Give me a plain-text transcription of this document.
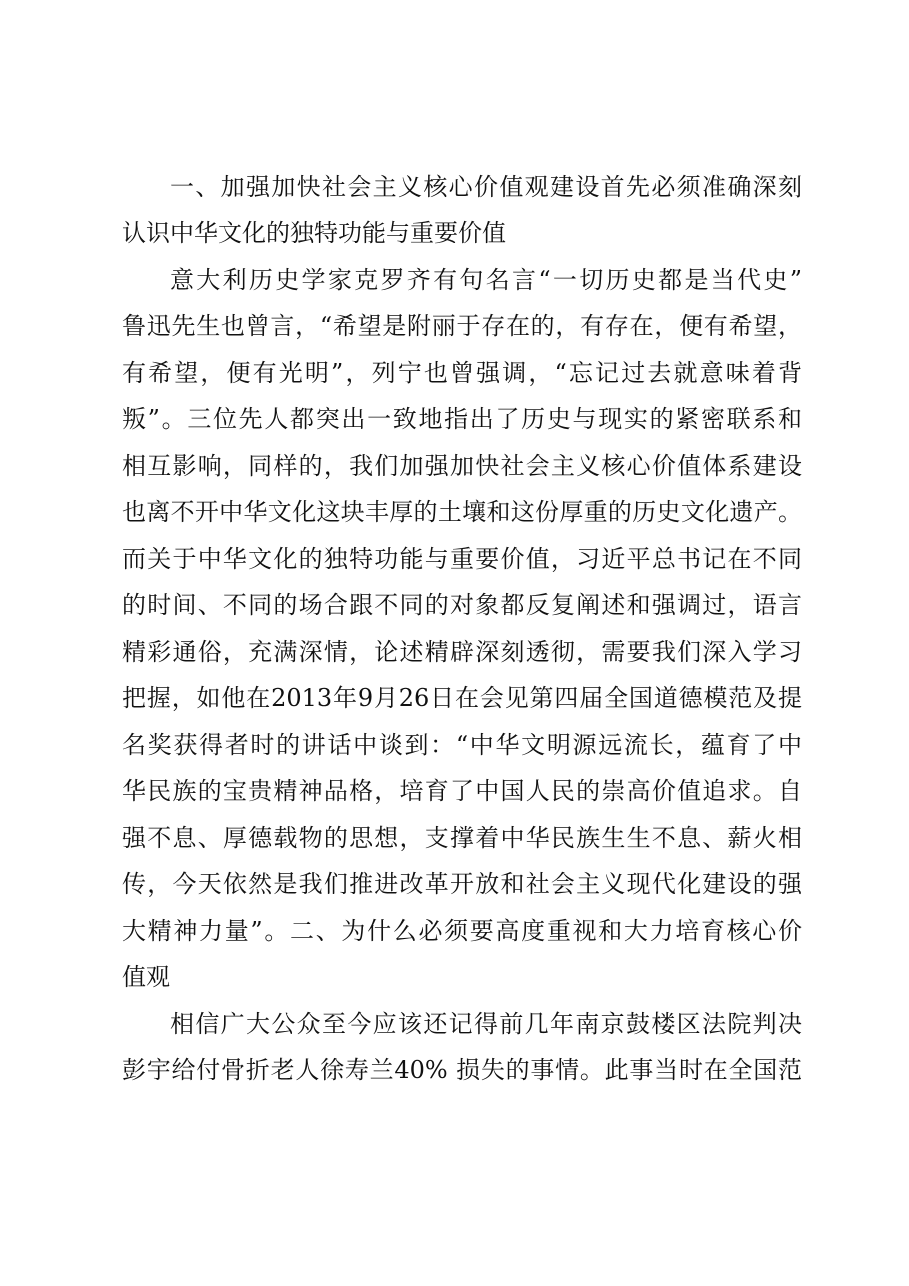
一、加强加快社会主义核心价值观建设首先必须准确深刻
认识中华文化的独特功能与重要价值
意大利历史学家克罗齐有句名言“一切历史都是当代史”
鲁迅先生也曾言，“希望是附丽于存在的，有存在，便有希望，
有希望，便有光明”，列宁也曾强调，“忘记过去就意味着背
叛”。三位先人都突出一致地指出了历史与现实的紧密联系和
相互影响，同样的，我们加强加快社会主义核心价值体系建设
也离不开中华文化这块丰厚的土壤和这份厚重的历史文化遗产。
而关于中华文化的独特功能与重要价值，习近平总书记在不同
的时间、不同的场合跟不同的对象都反复阐述和强调过，语言
精彩通俗，充满深情，论述精辟深刻透彻，需要我们深入学习
把握，如他在2013年9月26日在会见第四届全国道德模范及提
名奖获得者时的讲话中谈到：“中华文明源远流长，蕴育了中
华民族的宝贵精神品格，培育了中国人民的崇高价值追求。自
强不息、厚德载物的思想，支撑着中华民族生生不息、薪火相
传，今天依然是我们推进改革开放和社会主义现代化建设的强
大精神力量”。二、为什么必须要高度重视和大力培育核心价
值观
相信广大公众至今应该还记得前几年南京鼓楼区法院判决
彭宇给付骨折老人徐寿兰40% 损失的事情。此事当时在全国范
